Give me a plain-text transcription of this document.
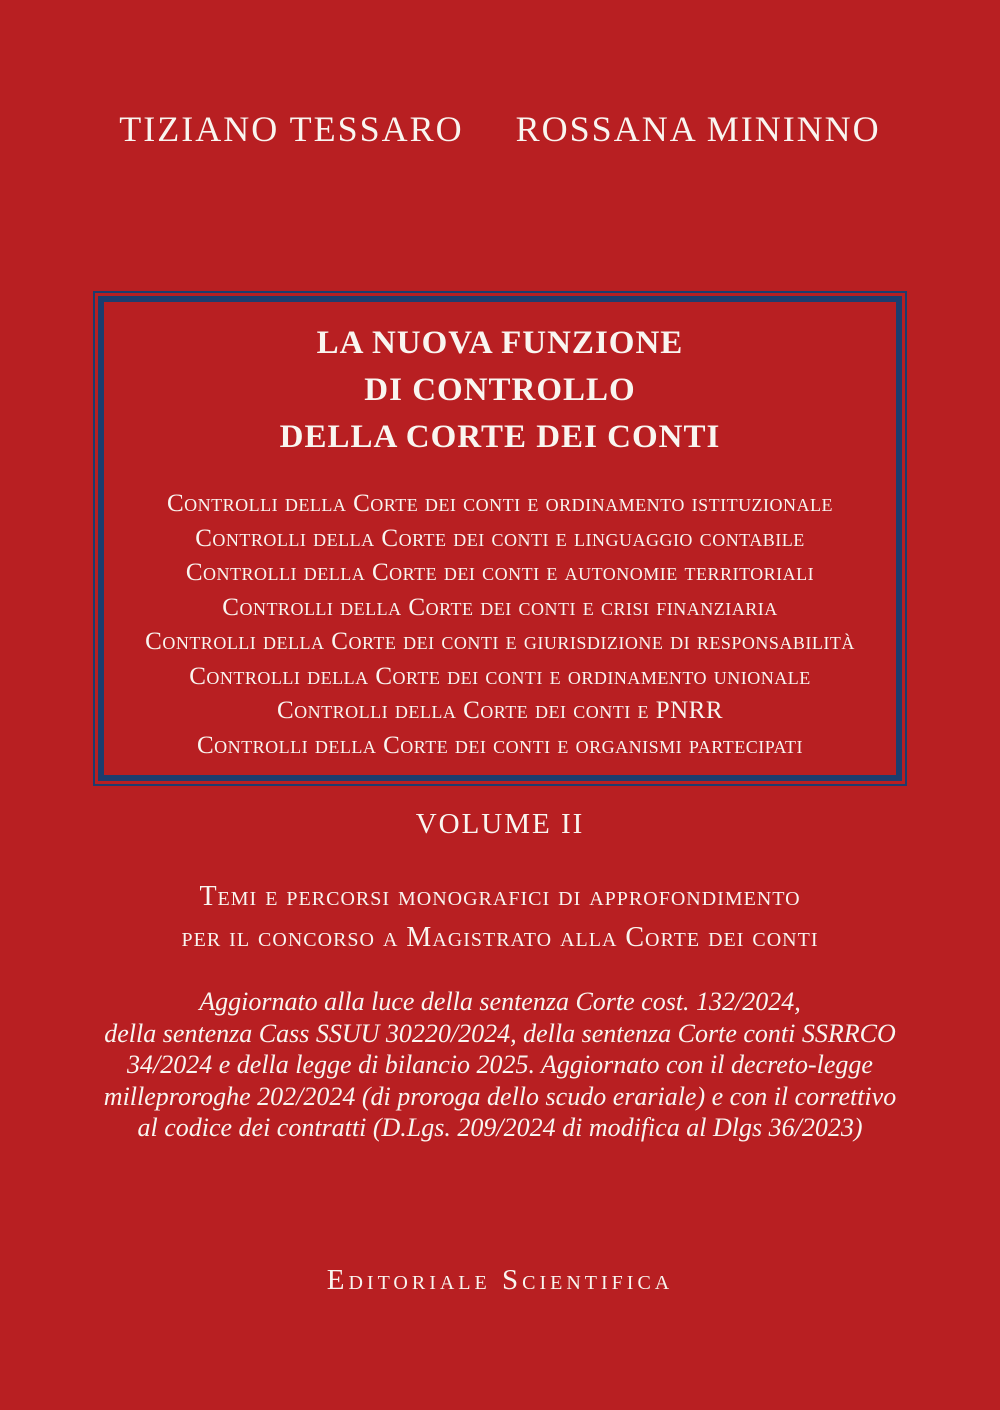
TIZIANO TESSARO ROSSANA MININNO
LA NUOVA FUNZIONE
DI CONTROLLO
DELLA CORTE DEI CONTI
Controlli della Corte dei conti e ordinamento istituzionale
Controlli della Corte dei conti e linguaggio contabile
Controlli della Corte dei conti e autonomie territoriali
Controlli della Corte dei conti e crisi finanziaria
Controlli della Corte dei conti e giurisdizione di responsabilità
Controlli della Corte dei conti e ordinamento unionale
Controlli della Corte dei conti e PNRR
Controlli della Corte dei conti e organismi partecipati
VOLUME II
Temi e percorsi monografici di approfondimento
per il concorso a Magistrato alla Corte dei conti
Aggiornato alla luce della sentenza Corte cost. 132/2024,
della sentenza Cass SSUU 30220/2024, della sentenza Corte conti SSRRCO
34/2024 e della legge di bilancio 2025. Aggiornato con il decreto-legge
milleproroghe 202/2024 (di proroga dello scudo erariale) e con il correttivo
al codice dei contratti (D.Lgs. 209/2024 di modifica al Dlgs 36/2023)
Editoriale Scientifica
